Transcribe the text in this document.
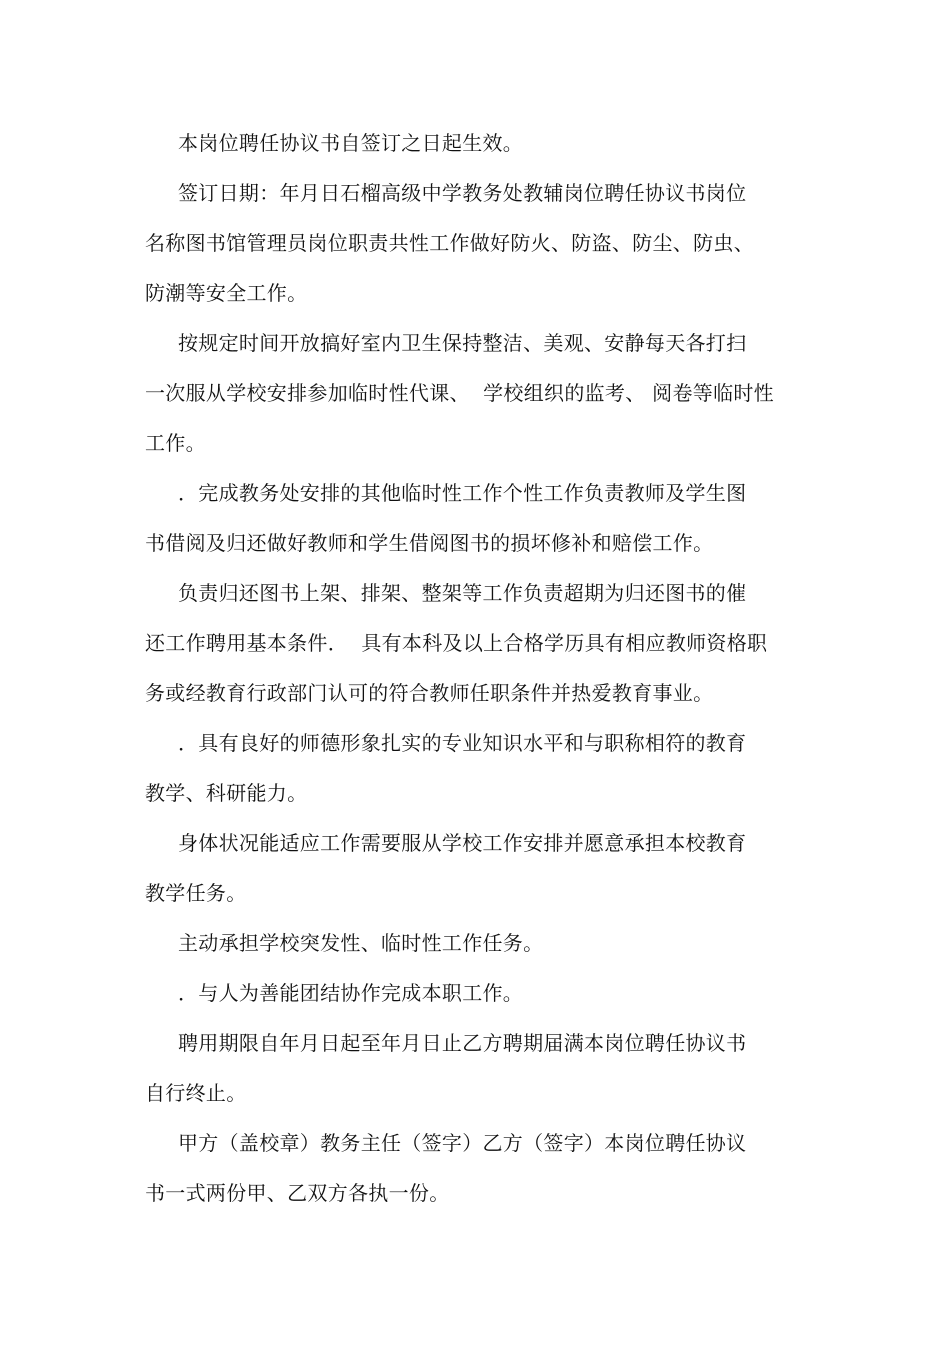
本岗位聘任协议书自签订之日起生效。
签订日期：年月日石榴高级中学教务处教辅岗位聘任协议书岗位
名称图书馆管理员岗位职责共性工作做好防火、防盗、防尘、防虫、
防潮等安全工作。
按规定时间开放搞好室内卫生保持整洁、美观、安静每天各打扫
一次服从学校安排参加临时性代课、  学校组织的监考、 阅卷等临时性
工作。
．完成教务处安排的其他临时性工作个性工作负责教师及学生图
书借阅及归还做好教师和学生借阅图书的损坏修补和赔偿工作。
负责归还图书上架、排架、整架等工作负责超期为归还图书的催
还工作聘用基本条件．  具有本科及以上合格学历具有相应教师资格职
务或经教育行政部门认可的符合教师任职条件并热爱教育事业。
．具有良好的师德形象扎实的专业知识水平和与职称相符的教育
教学、科研能力。
身体状况能适应工作需要服从学校工作安排并愿意承担本校教育
教学任务。
主动承担学校突发性、临时性工作任务。
．与人为善能团结协作完成本职工作。
聘用期限自年月日起至年月日止乙方聘期届满本岗位聘任协议书
自行终止。
甲方（盖校章）教务主任（签字）乙方（签字）本岗位聘任协议
书一式两份甲、乙双方各执一份。
